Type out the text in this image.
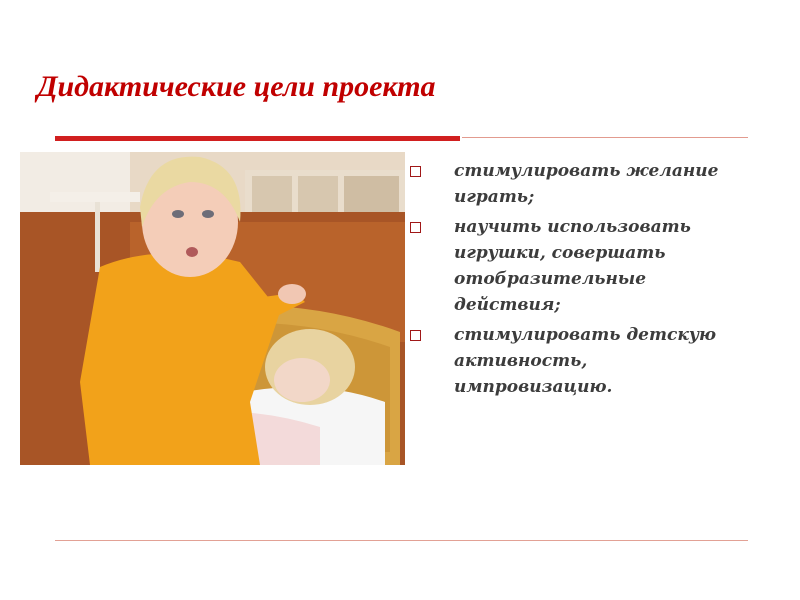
Дидактические цели проекта
стимулировать желание играть;
научить использовать игрушки, совершать отобразительные действия;
стимулировать детскую активность, импровизацию.
